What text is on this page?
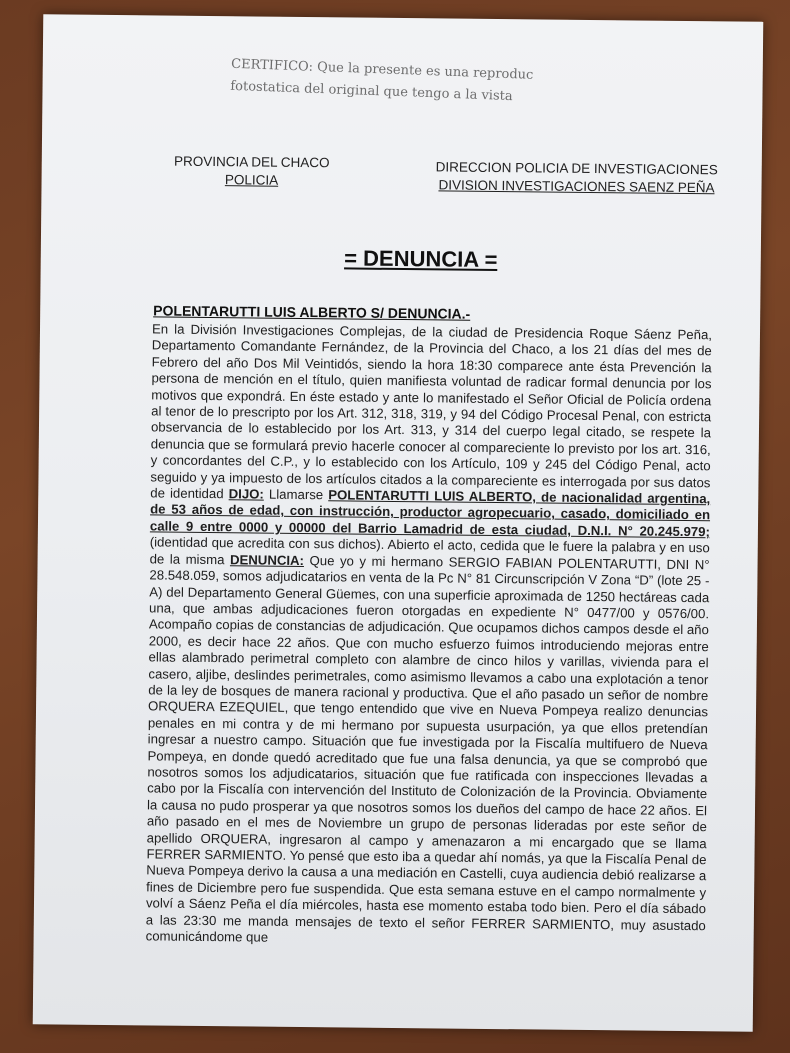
CERTIFICO: Que la presente es una reproduc
fotostatica del original que tengo a la vista
PROVINCIA DEL CHACO
POLICIA
DIRECCION POLICIA DE INVESTIGACIONES
DIVISION INVESTIGACIONES SAENZ PEÑA
= DENUNCIA =
POLENTARUTTI LUIS ALBERTO S/ DENUNCIA.-

En la División Investigaciones Complejas, de la ciudad de Presidencia Roque Sáenz Peña, Departamento Comandante Fernández, de la Provincia del Chaco, a los 21 días del mes de Febrero del año Dos Mil Veintidós, siendo la hora 18:30 comparece ante ésta Prevención la persona de mención en el título, quien manifiesta voluntad de radicar formal denuncia por los motivos que expondrá. En éste estado y ante lo manifestado el Señor Oficial de Policía ordena al tenor de lo prescripto por los Art. 312, 318, 319, y 94 del Código Procesal Penal, con estricta observancia de lo establecido por los Art. 313, y 314 del cuerpo legal citado, se respete la denuncia que se formulará previo hacerle conocer al compareciente lo previsto por los art. 316, y concordantes del C.P., y lo establecido con los Artículo, 109 y 245 del Código Penal, acto seguido y ya impuesto de los artículos citados a la compareciente es interrogada por sus datos de identidad DIJO: Llamarse POLENTARUTTI LUIS ALBERTO, de nacionalidad argentina, de 53 años de edad, con instrucción, productor agropecuario, casado, domiciliado en calle 9 entre 0000 y 00000 del Barrio Lamadrid de esta ciudad, D.N.I. N° 20.245.979; (identidad que acredita con sus dichos). Abierto el acto, cedida que le fuere la palabra y en uso de la misma DENUNCIA: Que yo y mi hermano SERGIO FABIAN POLENTARUTTI, DNI N° 28.548.059, somos adjudicatarios en venta de la Pc N° 81 Circunscripción V Zona “D” (lote 25 - A) del Departamento General Güemes, con una superficie aproximada de 1250 hectáreas cada una, que ambas adjudicaciones fueron otorgadas en expediente N° 0477/00 y 0576/00. Acompaño copias de constancias de adjudicación. Que ocupamos dichos campos desde el año 2000, es decir hace 22 años. Que con mucho esfuerzo fuimos introduciendo mejoras entre ellas alambrado perimetral completo con alambre de cinco hilos y varillas, vivienda para el casero, aljibe, deslindes perimetrales, como asimismo llevamos a cabo una explotación a tenor de la ley de bosques de manera racional y productiva. Que el año pasado un señor de nombre ORQUERA EZEQUIEL, que tengo entendido que vive en Nueva Pompeya realizo denuncias penales en mi contra y de mi hermano por supuesta usurpación, ya que ellos pretendían ingresar a nuestro campo. Situación que fue investigada por la Fiscalía multifuero de Nueva Pompeya, en donde quedó acreditado que fue una falsa denuncia, ya que se comprobó que nosotros somos los adjudicatarios, situación que fue ratificada con inspecciones llevadas a cabo por la Fiscalía con intervención del Instituto de Colonización de la Provincia. Obviamente la causa no pudo prosperar ya que nosotros somos los dueños del campo de hace 22 años. El año pasado en el mes de Noviembre un grupo de personas lideradas por este señor de apellido ORQUERA, ingresaron al campo y amenazaron a mi encargado que se llama FERRER SARMIENTO. Yo pensé que esto iba a quedar ahí nomás, ya que la Fiscalía Penal de Nueva Pompeya derivo la causa a una mediación en Castelli, cuya audiencia debió realizarse a fines de Diciembre pero fue suspendida. Que esta semana estuve en el campo normalmente y volví a Sáenz Peña el día miércoles, hasta ese momento estaba todo bien. Pero el día sábado a las 23:30 me manda mensajes de texto el señor FERRER SARMIENTO, muy asustado comunicándome que
